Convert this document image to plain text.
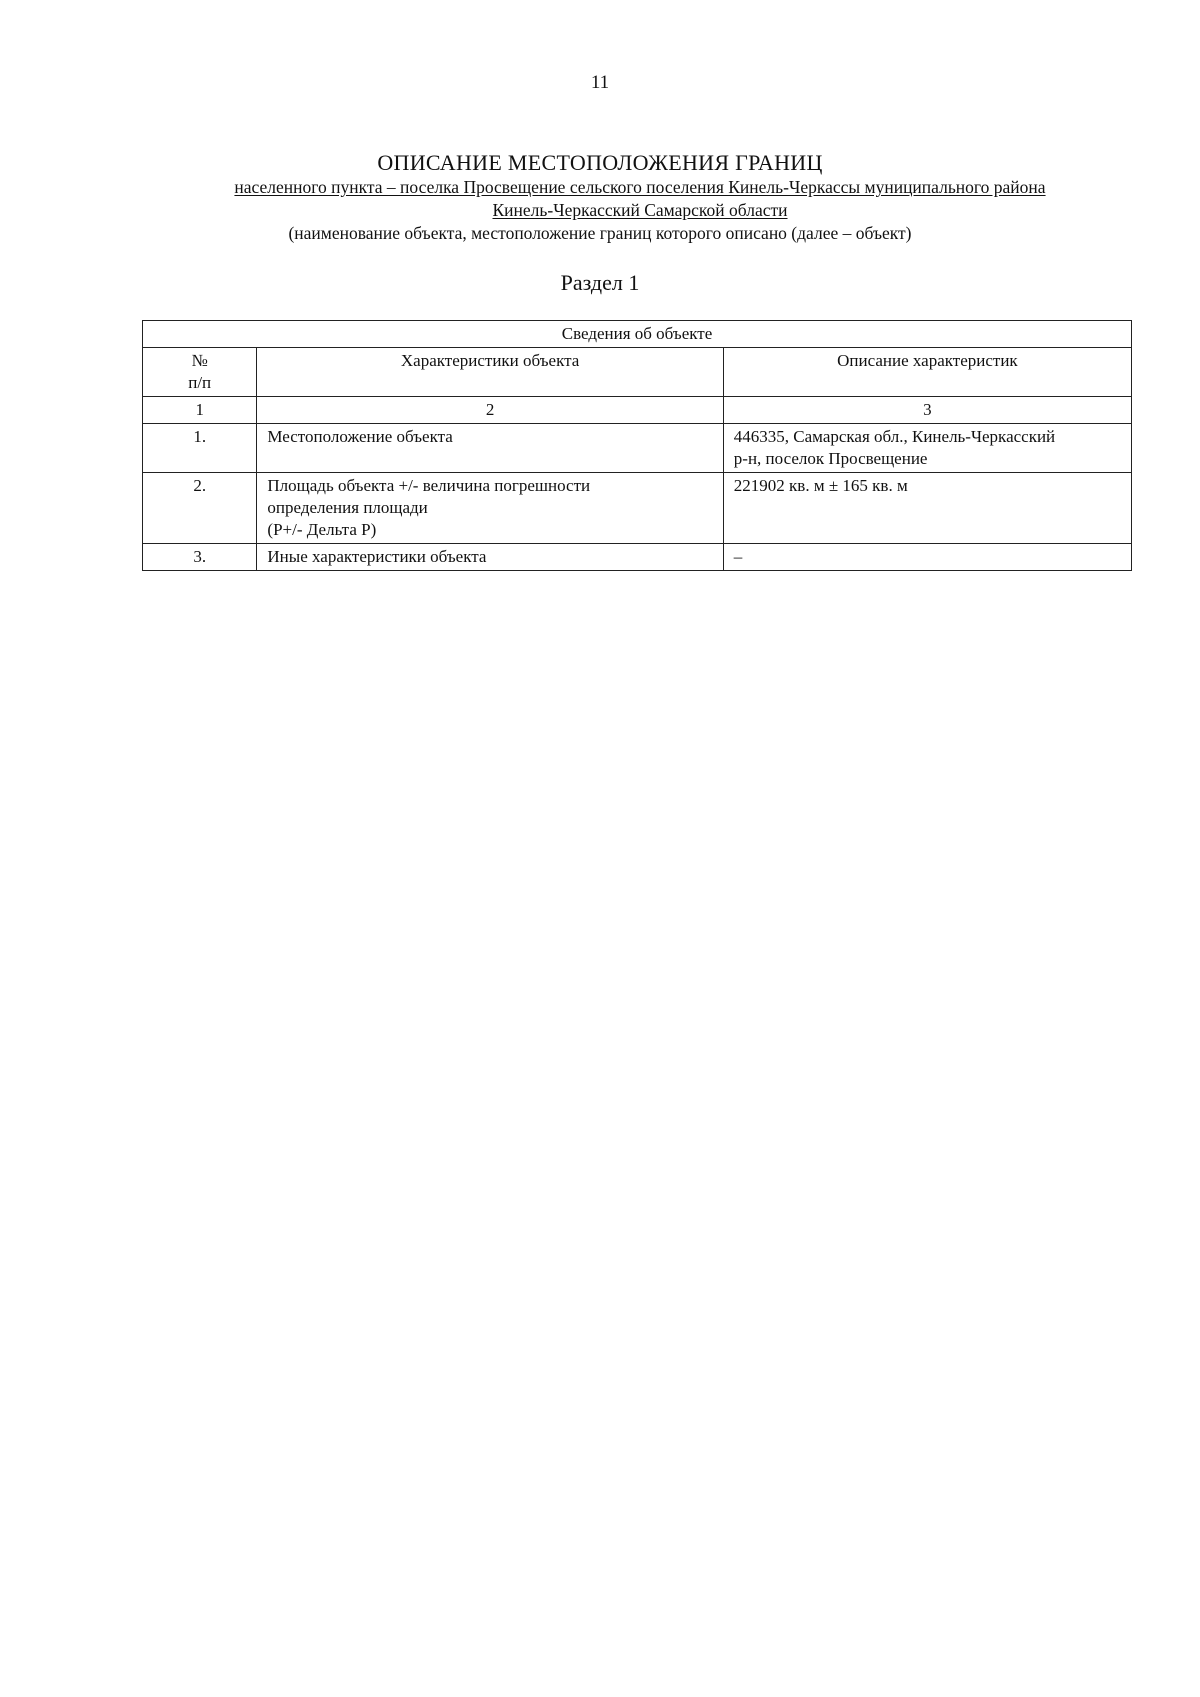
11
ОПИСАНИЕ МЕСТОПОЛОЖЕНИЯ ГРАНИЦ
населенного пункта – поселка Просвещение сельского поселения Кинель-Черкассы муниципального района
Кинель-Черкасский Самарской области
(наименование объекта, местоположение границ которого описано (далее – объект)
Раздел 1
Сведения об объекте		

№
п/п	Характеристики объекта	Описание характеристик
1	2	3
1.	Местоположение объекта	446335, Самарская обл., Кинель-Черкасский
р-н, поселок Просвещение

2.	Площадь объекта +/- величина погрешности
определения площади
(Р+/- Дельта Р)	221902 кв. м ± 165 кв. м

3.	Иные характеристики объекта	–
